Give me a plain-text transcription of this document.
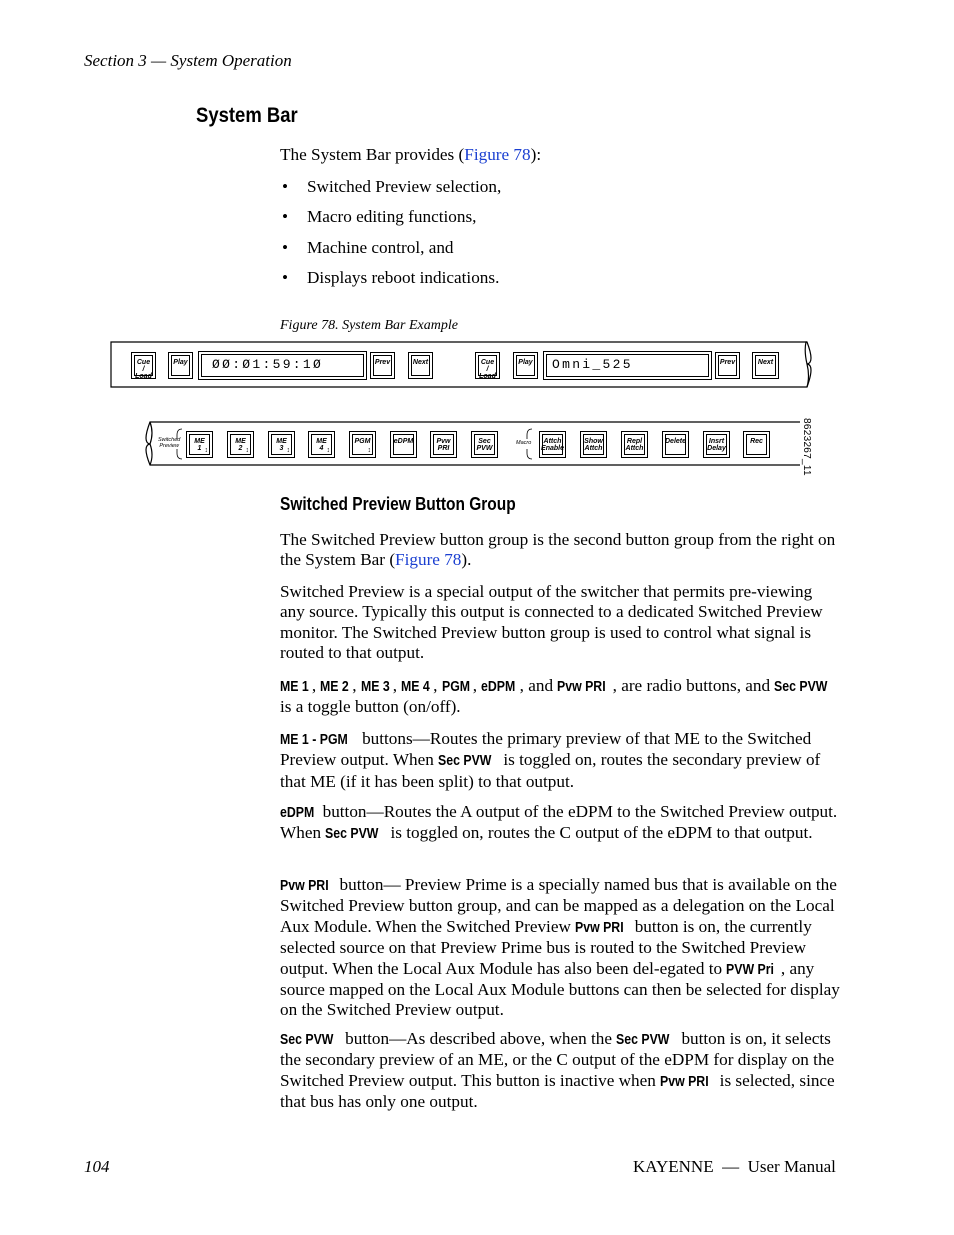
Section 3 — System Operation
System Bar
The System Bar provides (Figure 78):
• Switched Preview selection,
• Macro editing functions,
• Machine control, and
• Displays reboot indications.
Figure 78. System Bar Example
Cue /
Load
Play	ØØ:Ø1:59:1Ø	Prev	Next	Cue /
Load
Play	Omni_525	Prev	Next
Switched
Preview	Macro
ME
1 ↕
ME
2 ↕
ME
3 ↕
ME
4 ↕
PGM
↕
eDPM	Pvw
PRI
Sec
PVW
Attch
Enable
Show
Attch
Repl
Attch
Delete	Insrt
Delay
Rec	8623267_11
Switched Preview Button Group

The Switched Preview button group is the second button group from the right on the System Bar (Figure 78).

Switched Preview is a special output of the switcher that permits pre-viewing any source. Typically this output is connected to a dedicated Switched Preview monitor. The Switched Preview button group is used to control what signal is routed to that output.
ME 1 , ME 2 , ME 3 , ME 4 , PGM , eDPM , and Pvw PRI , are radio buttons, and Sec PVW is a toggle button (on/off).
ME 1 - PGM buttons—Routes the primary preview of that ME to the Switched Preview output. When Sec PVW is toggled on, routes the secondary preview of that ME (if it has been split) to that output.
eDPM button—Routes the A output of the eDPM to the Switched Preview output. When Sec PVW is toggled on, routes the C output of the eDPM to that output.
Pvw PRI button— Preview Prime is a specially named bus that is available on the Switched Preview button group, and can be mapped as a delegation on the Local Aux Module. When the Switched Preview Pvw PRI button is on, the currently selected source on that Preview Prime bus is routed to the Switched Preview output. When the Local Aux Module has also been del-egated to PVW Pri , any source mapped on the Local Aux Module buttons can then be selected for display on the Switched Preview output.
Sec PVW button—As described above, when the Sec PVW button is on, it selects the secondary preview of an ME, or the C output of the eDPM for display on the Switched Preview output. This button is inactive when Pvw PRI is selected, since that bus has only one output.
104	KAYENNE  —  User Manual
